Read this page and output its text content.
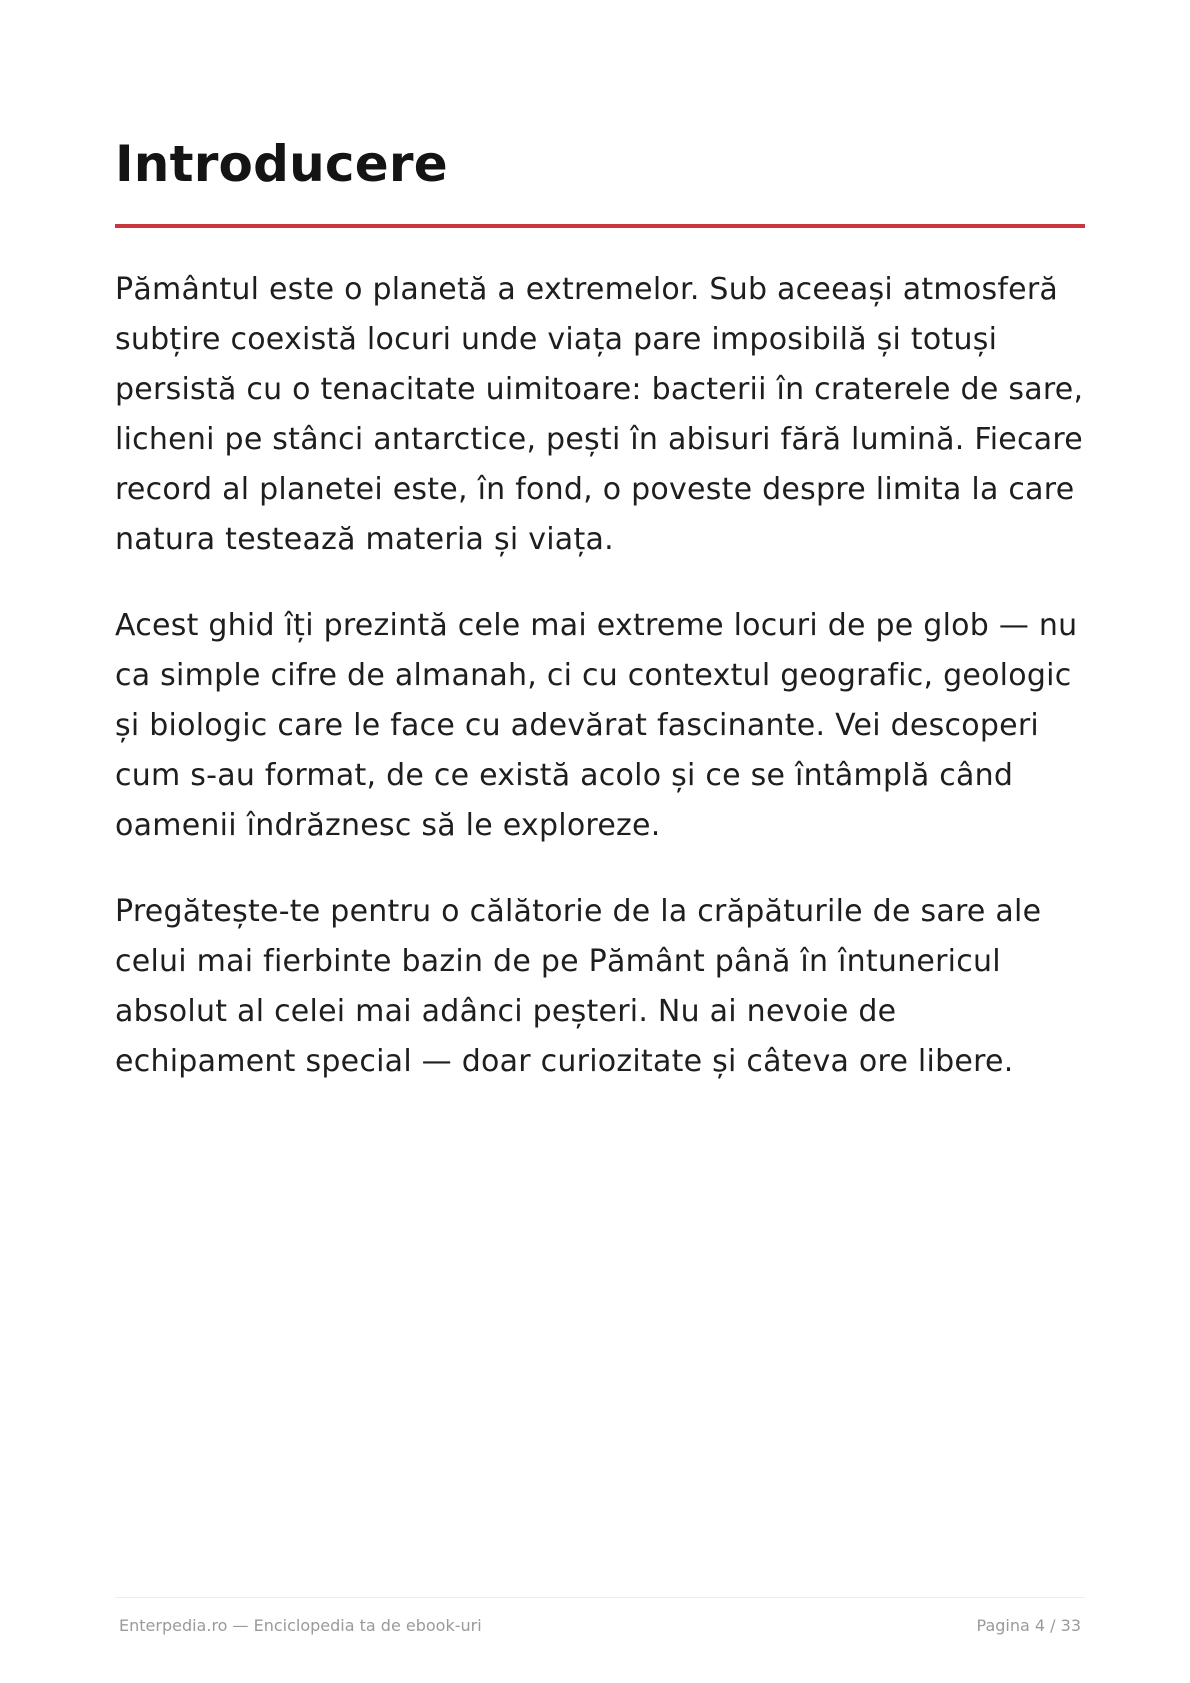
Introducere

Pământul este o planetă a extremelor. Sub aceeași atmosferă subțire coexistă locuri unde viața pare imposibilă și totuși persistă cu o tenacitate uimitoare: bacterii în craterele de sare, licheni pe stânci antarctice, pești în abisuri fără lumină. Fiecare record al planetei este, în fond, o poveste despre limita la care natura testează materia și viața.

Acest ghid îți prezintă cele mai extreme locuri de pe glob — nu ca simple cifre de almanah, ci cu contextul geografic, geologic și biologic care le face cu adevărat fascinante. Vei descoperi cum s-au format, de ce există acolo și ce se întâmplă când oamenii îndrăznesc să le exploreze.

Pregătește-te pentru o călătorie de la crăpăturile de sare ale celui mai fierbinte bazin de pe Pământ până în întunericul absolut al celei mai adânci peșteri. Nu ai nevoie de echipament special — doar curiozitate și câteva ore libere.

Enterpedia.ro — Enciclopedia ta de ebook-uri	Pagina 4 / 33
